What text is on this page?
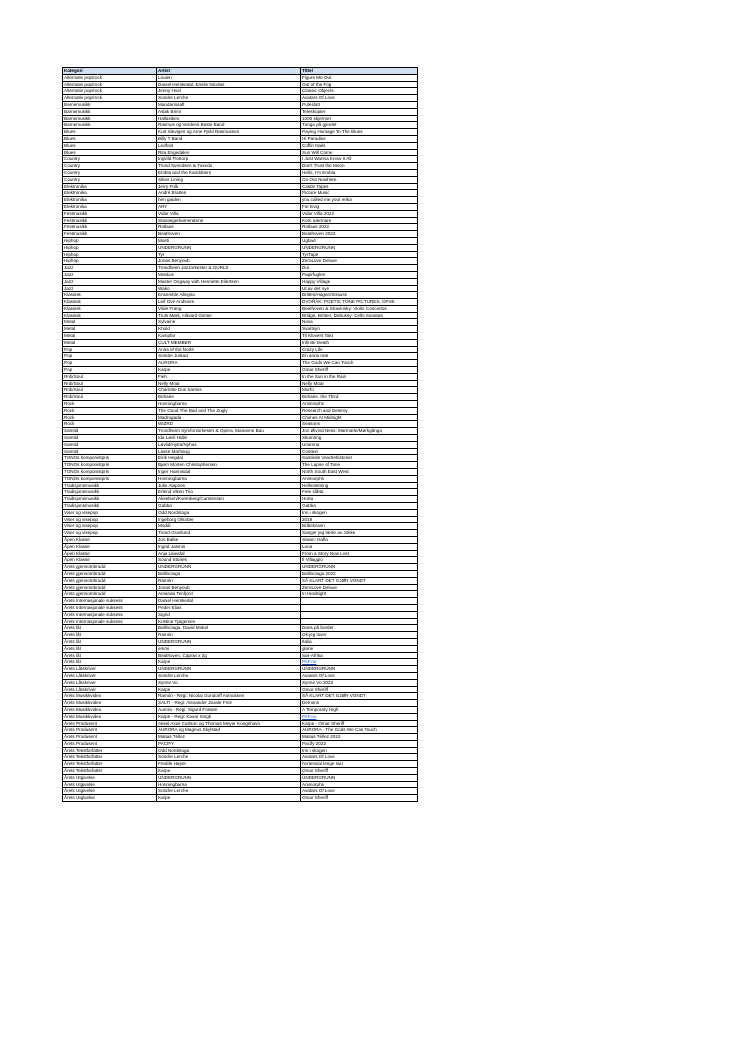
Kategori	Artist	Tittel
Alternativ pop/rock	Louien	Figure Me Out
Alternativ pop/rock	Daniel Herskedal, Emilie Nicolas	Out of the Fog
Alternativ pop/rock	Jenny Hval	Classic Objects
Alternativ pop/rock	Sondre Lerche	Avatars Of Love
Barnemusikk	Mandarinsaft	Puteslott
Barnemusikk	Aslak Brimi	Teleskopter
Barnemusikk	Hallasiken	1000 skjermer
Barnemusikk	Rasmus og Verdens Beste Band	Tunga på gjerdet
Blues	Kurt Slevigen og Arne Fjeld Rasmussen	Paying Homage To The Blues
Blues	Billy T Band	Hi Paradise
Blues	Ledfoot	Coffin Nails
Blues	Rita Engedalen	Sun Will Come
Country	Ingvild Flottorp	I Just Wanna Know It All
Country	Trond Svendsen & Tuxedo	Don't Trust the Moon
Country	Embla and the Karidotters	Hello, I'm Embla
Country	Silver Lining	Go Out Nowhere
Elektronika	Jerry Folk	Castle Tapes
Elektronika	André Bratten	Picture Music
Elektronika	hen gaiden	you called me your erika
Elektronika	ARY	For Evig
Festmusikk	Vidar Villa	Vidar Villa 2022
Festmusikk	Stavangerkameratene	Kom nærmare
Festmusikk	Rotlaus	Rotlaus 2022
Festmusikk	Beathoven	Beathoven 2022
Hiphop	Musti	Ugbad
Hiphop	UNDERGRUNN	UNDERGRUNN
Hiphop	Tyr	TyrTape
Hiphop	Jonas Benyoub	ZeroLove Deluxe
Jazz	Trondheim Jazzorkester & GURLS	Dui
Jazz	Moskus	Papirfuglen
Jazz	Master Oogway with Henriette Eilertsen	Happy Village
Jazz	Wako	Ut av det nye
Klassisk	Ensemble Allegria	Britten/Hagen/Strauss
Klassisk	Leif Ove Andsnes	DVOŘÁK: POETIC TONE PICTURES, OP.85
Klassisk	Vilde Frang	Beethoven & Stravinsky: Violin Concertos
Klassisk	Truls Mørk, Håvard Gimse	Bridge, Britten, Debussy: Cello Sonatas
Metal	Sylvaine	Nova
Metal	Khold	Svartsyn
Metal	Kampfar	Til Klovers Takt
Metal	CULT MEMBER	Infinite Death
Pop	Anna of the North	Crazy Life
Pop	Sondre Justad	En anna mæ
Pop	AURORA	The Gods We Can Touch
Pop	Karpe	Omar Sheriff
Rnb/Soul	Fieh	In the Sun in the Rain
Rnb/Soul	Nelly Moar	Nelly Moar
Rnb/Soul	Charlotte Dos Santos	Morfo
Rnb/Soul	Beharie	Beharie, the Third
Rock	Honningbarna	Animorphs
Rock	The Good The Bad and The Zugly	Research and Destroy
Rock	Madrugada	Chimes At Midnight
Rock	WIZRD	Seasons
Samtid	Trondheim Symfoniorkester & Opera, Marianne Bau	Jon Øivind Ness: Marmæle/Mørkgånga
Samtid	Ida Løvli Hidle	Skumring
Samtid	Løvlid/Hytta/Nyhus	Unamna
Samtid	Lasse Marhaug	Context
TONOs komponistpris	Eirik Hegdal	Samlede Vandrehistorier
TONOs komponistpris	Bjørn Morten Christophersen	The Lapse of Time
TONOs komponistpris	Inger Hannisdal	North South East West
TONOs komponistpris	Honningbarna	Animorphs
Tradisjonsmusikk	Julie Alapnes	Hellenistning
Tradisjonsmusikk	Erlend Viken Trio	Fete slåtta
Tradisjonsmusikk	Akselsen/Kvernberg/Carstensen	Horta
Tradisjonsmusikk	Gabba	Gabba
Viser og visepop	Odd Nordstoga	Inn i skogen
Viser og visepop	Ingeborg Oktober	2018
Viser og visepop	Moddi	Bråtebrann
Viser og visepop	Trond Granlund	Sanger jeg lærte av Jokke
Åpen Klasse	Jon Balke	Siwan: Hafla
Åpen Klasse	Ingrid Jasmin	Luna
Åpen Klasse	Anja Lauvdal	From a Story Now Lost
Åpen Klasse	Sound Stories	Il Villaggio
Årets gjennombrudd	UNDERGRUNN	UNDERGRUNN
Årets gjennombrudd	Ballinciaga	Ballinciaga 2022
Årets gjennombrudd	Ramón	SÅ KLART DET GJØR VONDT
Årets gjennombrudd	Jonas Benyoub	ZeroLove Deluxe
Årets gjennombrudd	Amanda Tenfjord	In Hindsight
Årets Internasjonale suksess	Daniel Herskedal	
Årets Internasjonale suksess	Peder Elias	
Årets Internasjonale suksess	Sigrid	
Årets Internasjonale suksess	Kristine Tjøgersen	
Årets låt	Ballinciaga, David Mokel	Dans på bordet
Årets låt	Ramón	Ok jeg lover
Årets låt	UNDERGRUNN	Italia
Årets låt	emmi	glorie
Årets låt	Beathoven, Capow x 2g	Sør-Afrika
Årets låt	Karpe	PAF.no
Årets Låtskriver	UNDERGRUNN	UNDERGRUNN
Årets Låtskriver	Sondre Lerche	Avatars Of Love
Årets Låtskriver	Synne Vo	Synne Vo 2022
Årets Låtskriver	Karpe	Omar Sheriff
Årets Musikkvideo	Ramón - Regi: Nicolai Gundorff Asmussen	SÅ KLART DET GJØR VONDT
Årets Musikkvideo	SALTI - Regi: Alexander Zarate Frez	Demons
Årets Musikkvideo	Aurora - Regi: Sigurd Fossen	A Temporary High
Årets Musikkvideo	Karpe - Regi: Kavar Singh	PAF.no
Årets Produsent	Aksel Axxe Carlson og Thomas Meyer Kongshavn	Karpe - Omar Sheriff
Årets Produsent	AURORA og Magnus Skylstad	AURORA - The Gods We Can Touch
Årets Produsent	Matias Téllez	Matias Téllez 2022
Årets Produsent	PACIFY	Pacify 2022
Årets Tekstforfatter	Odd Nordstoga	Inn i skogen
Årets Tekstforfatter	Sondre Lerche	Avatars Of Love
Årets Tekstforfatter	Fredrik Høyer	hortensial lenge sia!
Årets Tekstforfatter	Karpe	Omar Sheriff
Årets Utgivelse	UNDERGRUNN	UNDERGRUNN
Årets Utgivelse	Honningbarna	Animorphs
Årets Utgivelse	Sondre Lerche	Avatars Of Love
Årets Utgivelse	Karpe	Omar Sheriff
